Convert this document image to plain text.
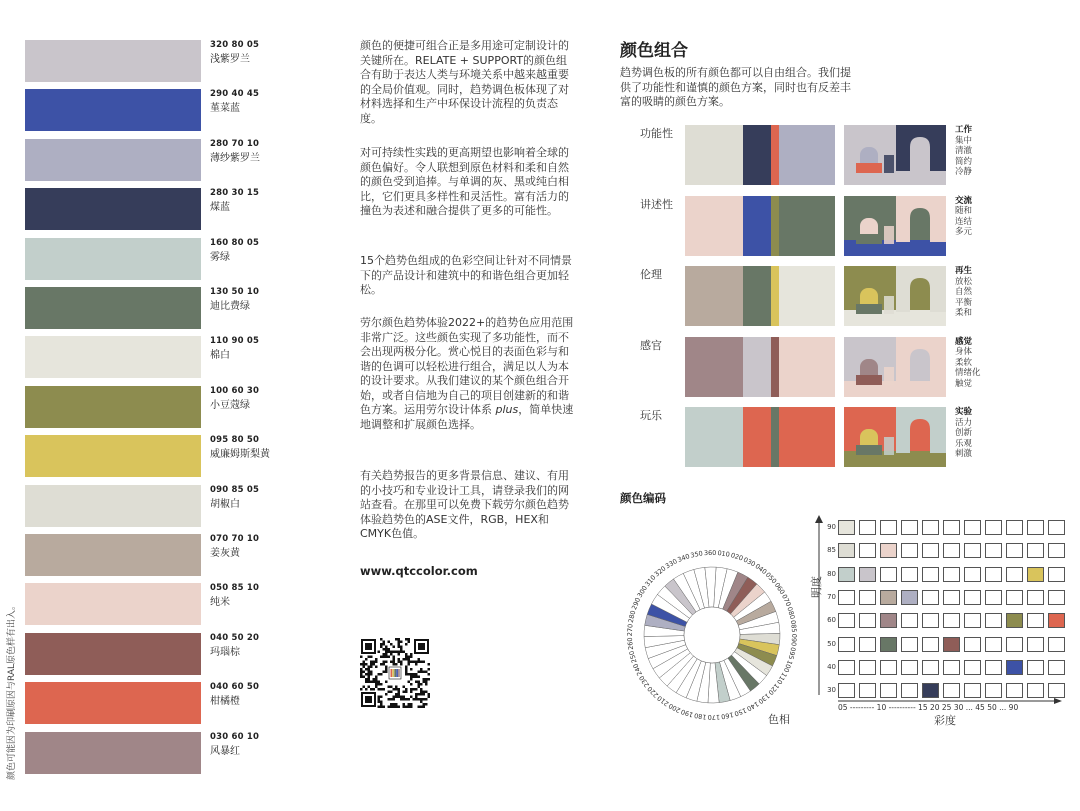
320 80 05
浅紫罗兰
290 40 45
堇菜蓝
280 70 10
薄纱紫罗兰
280 30 15
煤蓝
160 80 05
雾绿
130 50 10
迪比费绿
110 90 05
棉白
100 60 30
小豆蔻绿
095 80 50
威廉姆斯梨黄
090 85 05
胡椒白
070 70 10
姜灰黄
050 85 10
纯米
040 50 20
玛瑙棕
040 60 50
柑橘橙
030 60 10
风暴红
颜色可能因为印刷原因与RAL原色样有出入。
颜色的便捷可组合正是多用途可定制设计的关键所在。RELATE + SUPPORT的颜色组合有助于表达人类与环境关系中越来越重要的全局价值观。同时，趋势调色板体现了对材料选择和生产中环保设计流程的负责态度。
对可持续性实践的更高期望也影响着全球的颜色偏好。令人联想到原色材料和柔和自然的颜色受到追捧。与单调的灰、黑或纯白相比，它们更具多样性和灵活性。富有活力的撞色为表述和融合提供了更多的可能性。
15个趋势色组成的色彩空间让针对不同情景下的产品设计和建筑中的和谐色组合更加轻松。
劳尔颜色趋势体验2022+的趋势色应用范围非常广泛。这些颜色实现了多功能性，而不会出现两极分化。赏心悦目的表面色彩与和谐的色调可以轻松进行组合，满足以人为本的设计要求。从我们建议的某个颜色组合开始，或者自信地为自己的项目创建新的和谐色方案。运用劳尔设计体系 plus，简单快速地调整和扩展颜色选择。
有关趋势报告的更多背景信息、建议、有用的小技巧和专业设计工具，请登录我们的网站查看。在那里可以免费下载劳尔颜色趋势体验趋势色的ASE文件，RGB，HEX和CMYK色值。
www.qtccolor.com
颜色组合
趋势调色板的所有颜色都可以自由组合。我们提供了功能性和谨慎的颜色方案，同时也有反差丰富的吸睛的颜色方案。
功能性	工作
集中
清澈
简约
冷静
讲述性	交流
随和
连结
多元
伦理	再生
放松
自然
平衡
柔和
感官	感觉
身体
柔软
情绪化
触觉
玩乐	实验
活力
创新
乐观
刺激
颜色编码
010 020
030
040
050
060
070
080
085
090
095
100
110
120
130
140
150
160
170
180
190
200
210
220
230
240
250
260
270
280
290
300
310
320
330
340
350 360
色相
明度
90
85
80
70
60
50
40
30
05 --------- 10 ---------- 15 20 25 30 ... 45 50 ... 90
彩度
